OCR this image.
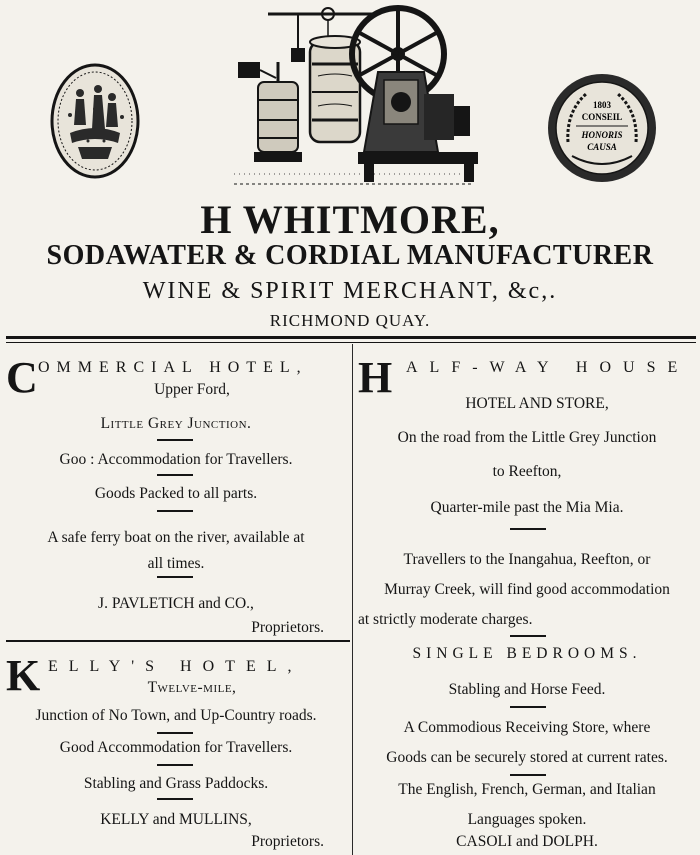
1803
CONSEIL
HONORIS
CAUSA
H WHITMORE,
SODAWATER & CORDIAL MANUFACTURER
WINE & SPIRIT MERCHANT, &c,.
RICHMOND QUAY.
C OMMERCIAL HOTEL,
Upper Ford,
Little Grey Junction.
Goo : Accommodation for Travellers.
Goods Packed to all parts.
A safe ferry boat on the river, available at
all times.
J. PAVLETICH and CO.,
Proprietors.
K ELLY'S HOTEL,
Twelve-mile,
Junction of No Town, and Up-Country roads.
Good Accommodation for Travellers.
Stabling and Grass Paddocks.
KELLY and MULLINS,
Proprietors.
H ALF-WAY HOUSE
HOTEL AND STORE,
On the road from the Little Grey Junction
to Reefton,
Quarter-mile past the Mia Mia.
Travellers to the Inangahua, Reefton, or
Murray Creek, will find good accommodation
at strictly moderate charges.
SINGLE BEDROOMS.
Stabling and Horse Feed.
A Commodious Receiving Store, where
Goods can be securely stored at current rates.
The English, French, German, and Italian
Languages spoken.
CASOLI and DOLPH.
